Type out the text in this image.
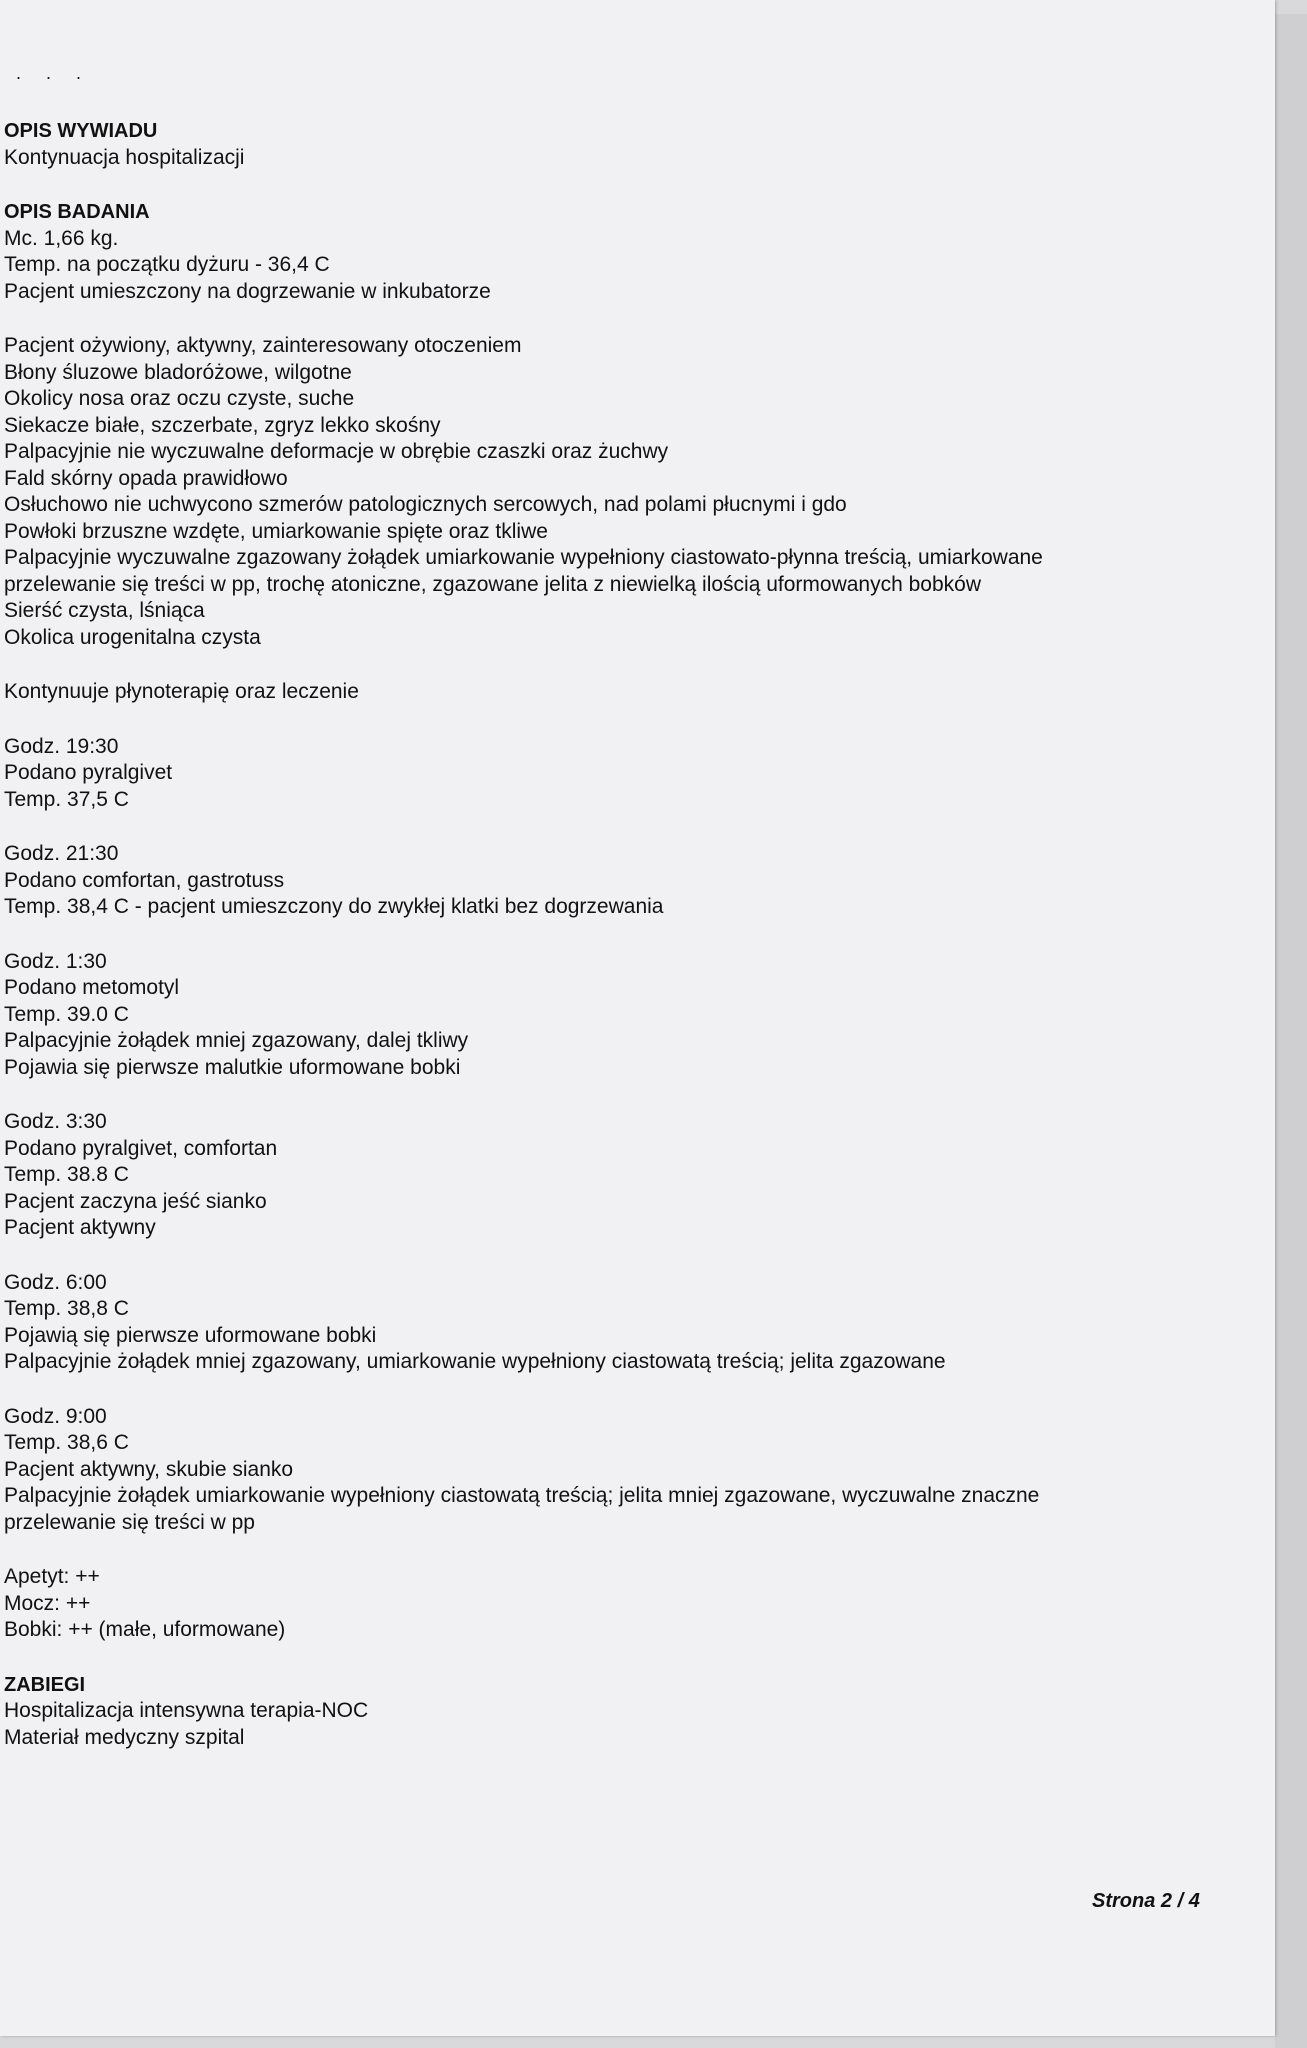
. . .

OPIS WYWIADU

Kontynuacja hospitalizacji

OPIS BADANIA

Mc. 1,66 kg.

Temp. na początku dyżuru - 36,4 C

Pacjent umieszczony na dogrzewanie w inkubatorze

Pacjent ożywiony, aktywny, zainteresowany otoczeniem

Błony śluzowe bladoróżowe, wilgotne

Okolicy nosa oraz oczu czyste, suche

Siekacze białe, szczerbate, zgryz lekko skośny

Palpacyjnie nie wyczuwalne deformacje w obrębie czaszki oraz żuchwy

Fald skórny opada prawidłowo

Osłuchowo nie uchwycono szmerów patologicznych sercowych, nad polami płucnymi i gdo

Powłoki brzuszne wzdęte, umiarkowanie spięte oraz tkliwe

Palpacyjnie wyczuwalne zgazowany żołądek umiarkowanie wypełniony ciastowato-płynna treścią, umiarkowane

przelewanie się treści w pp, trochę atoniczne, zgazowane jelita z niewielką ilością uformowanych bobków

Sierść czysta, lśniąca

Okolica urogenitalna czysta

Kontynuuje płynoterapię oraz leczenie

Godz. 19:30

Podano pyralgivet

Temp. 37,5 C

Godz. 21:30

Podano comfortan, gastrotuss

Temp. 38,4 C - pacjent umieszczony do zwykłej klatki bez dogrzewania

Godz. 1:30

Podano metomotyl

Temp. 39.0 C

Palpacyjnie żołądek mniej zgazowany, dalej tkliwy

Pojawia się pierwsze malutkie uformowane bobki

Godz. 3:30

Podano pyralgivet, comfortan

Temp. 38.8 C

Pacjent zaczyna jeść sianko

Pacjent aktywny

Godz. 6:00

Temp. 38,8 C

Pojawią się pierwsze uformowane bobki

Palpacyjnie żołądek mniej zgazowany, umiarkowanie wypełniony ciastowatą treścią; jelita zgazowane

Godz. 9:00

Temp. 38,6 C

Pacjent aktywny, skubie sianko

Palpacyjnie żołądek umiarkowanie wypełniony ciastowatą treścią; jelita mniej zgazowane, wyczuwalne znaczne

przelewanie się treści w pp

Apetyt: ++

Mocz: ++

Bobki: ++ (małe, uformowane)

ZABIEGI

Hospitalizacja intensywna terapia-NOC

Materiał medyczny szpital

Strona 2 / 4
